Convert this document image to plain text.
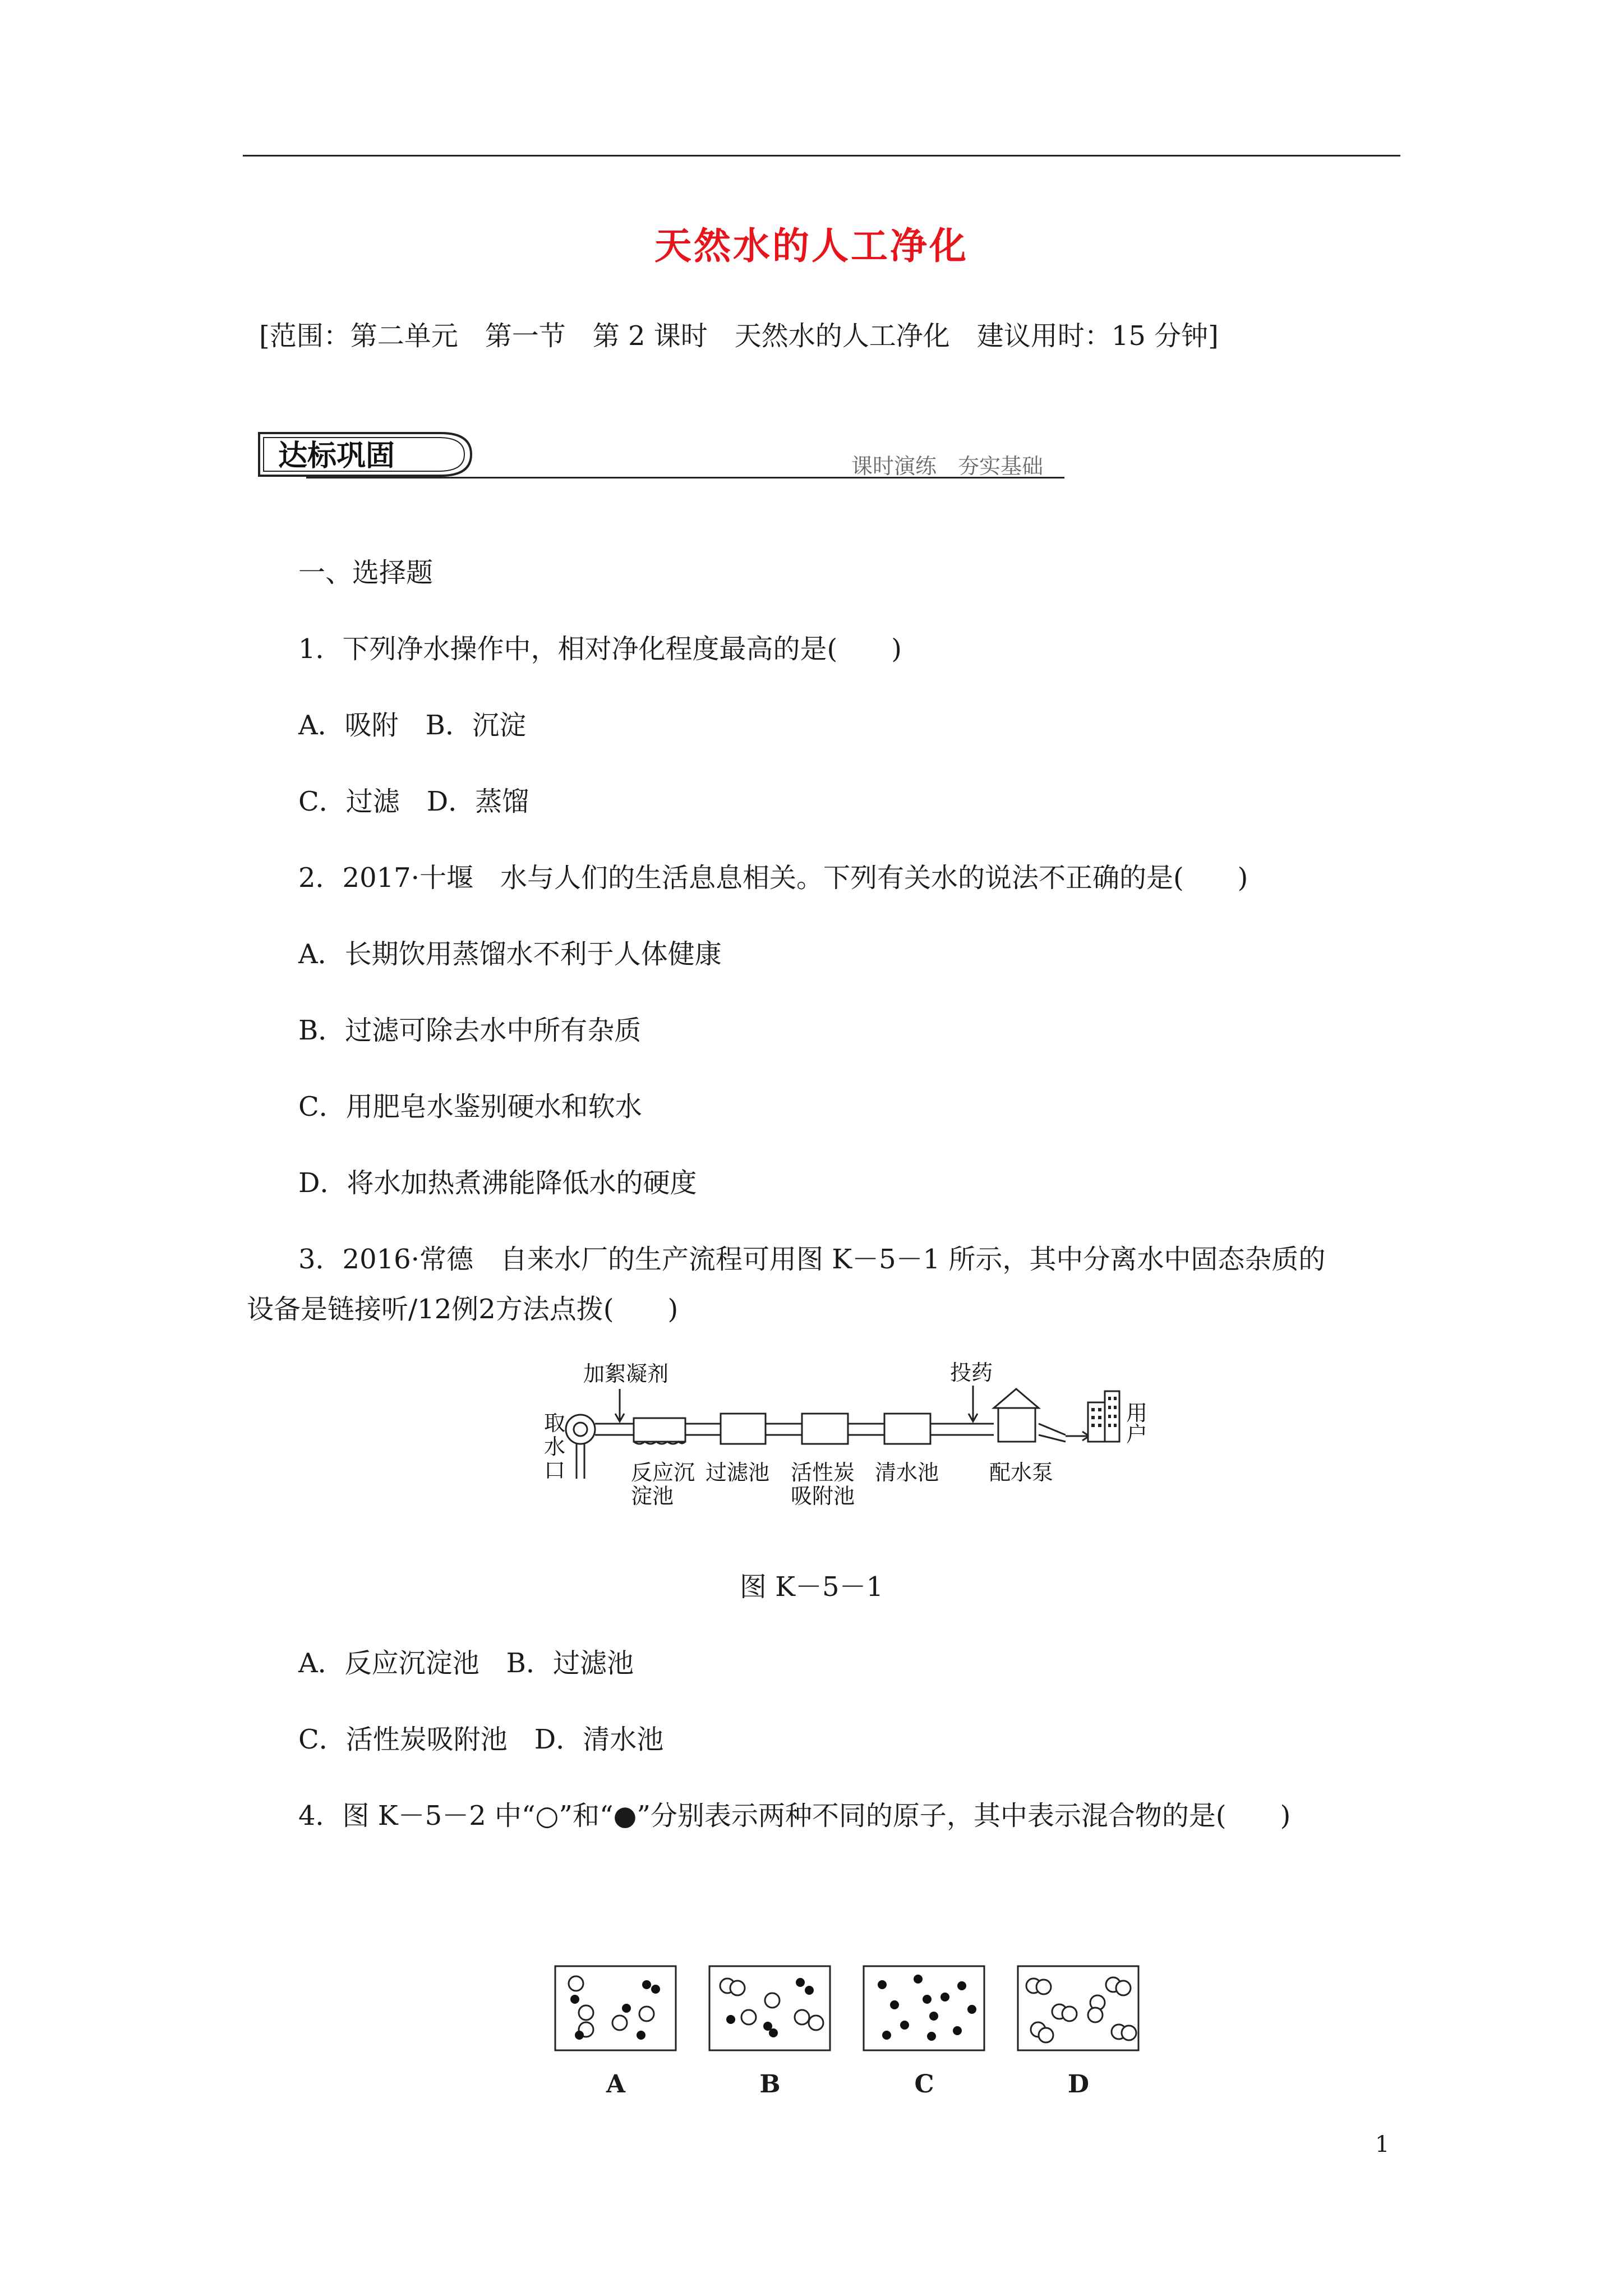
天然水的人工净化
[范围：第二单元　第一节　第 2 课时　天然水的人工净化　建议用时：15 分钟]
达标巩固	课时演练　夯实基础
一、选择题
1．下列净水操作中，相对净化程度最高的是(　　)
A．吸附　B．沉淀
C．过滤　D．蒸馏
2．2017·十堰　水与人们的生活息息相关。下列有关水的说法不正确的是(　　)
A．长期饮用蒸馏水不利于人体健康
B．过滤可除去水中所有杂质
C．用肥皂水鉴别硬水和软水
D．将水加热煮沸能降低水的硬度
3．2016·常德　自来水厂的生产流程可用图 K－5－1 所示，其中分离水中固态杂质的
设备是链接听/12例2方法点拨(　　)
取
水
口
加絮凝剂	投药
反应沉
淀池
过滤池 活性炭
吸附池
清水池 配水泵
用
户
图 K－5－1
A．反应沉淀池　B．过滤池
C．活性炭吸附池　D．清水池
4．图 K－5－2 中“○”和“●”分别表示两种不同的原子，其中表示混合物的是(　　)
A	B	C	D
1
